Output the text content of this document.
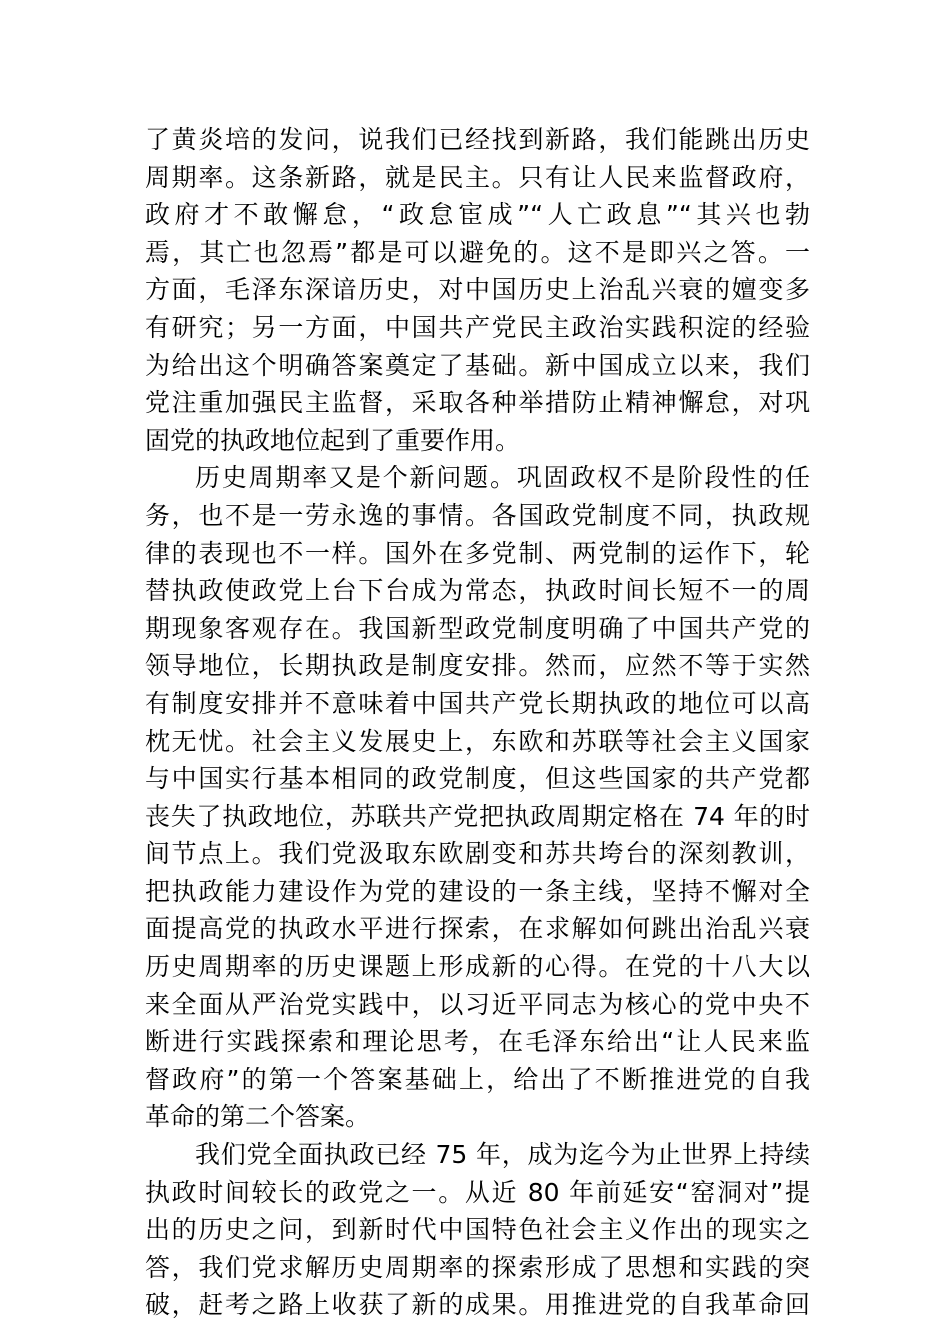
了黄炎培的发问，说我们已经找到新路，我们能跳出历史
周期率。这条新路，就是民主。只有让人民来监督政府，
政府才不敢懈怠，“政怠宦成”“人亡政息”“其兴也勃
焉，其亡也忽焉”都是可以避免的。这不是即兴之答。一
方面，毛泽东深谙历史，对中国历史上治乱兴衰的嬗变多
有研究；另一方面，中国共产党民主政治实践积淀的经验
为给出这个明确答案奠定了基础。新中国成立以来，我们
党注重加强民主监督，采取各种举措防止精神懈怠，对巩
固党的执政地位起到了重要作用。
历史周期率又是个新问题。巩固政权不是阶段性的任
务，也不是一劳永逸的事情。各国政党制度不同，执政规
律的表现也不一样。国外在多党制、两党制的运作下，轮
替执政使政党上台下台成为常态，执政时间长短不一的周
期现象客观存在。我国新型政党制度明确了中国共产党的
领导地位，长期执政是制度安排。然而，应然不等于实然
有制度安排并不意味着中国共产党长期执政的地位可以高
枕无忧。社会主义发展史上，东欧和苏联等社会主义国家
与中国实行基本相同的政党制度，但这些国家的共产党都
丧失了执政地位，苏联共产党把执政周期定格在 74 年的时
间节点上。我们党汲取东欧剧变和苏共垮台的深刻教训，
把执政能力建设作为党的建设的一条主线，坚持不懈对全
面提高党的执政水平进行探索，在求解如何跳出治乱兴衰
历史周期率的历史课题上形成新的心得。在党的十八大以
来全面从严治党实践中，以习近平同志为核心的党中央不
断进行实践探索和理论思考，在毛泽东给出“让人民来监
督政府”的第一个答案基础上，给出了不断推进党的自我
革命的第二个答案。
我们党全面执政已经 75 年，成为迄今为止世界上持续
执政时间较长的政党之一。从近 80 年前延安“窑洞对”提
出的历史之问，到新时代中国特色社会主义作出的现实之
答，我们党求解历史周期率的探索形成了思想和实践的突
破，赶考之路上收获了新的成果。用推进党的自我革命回
